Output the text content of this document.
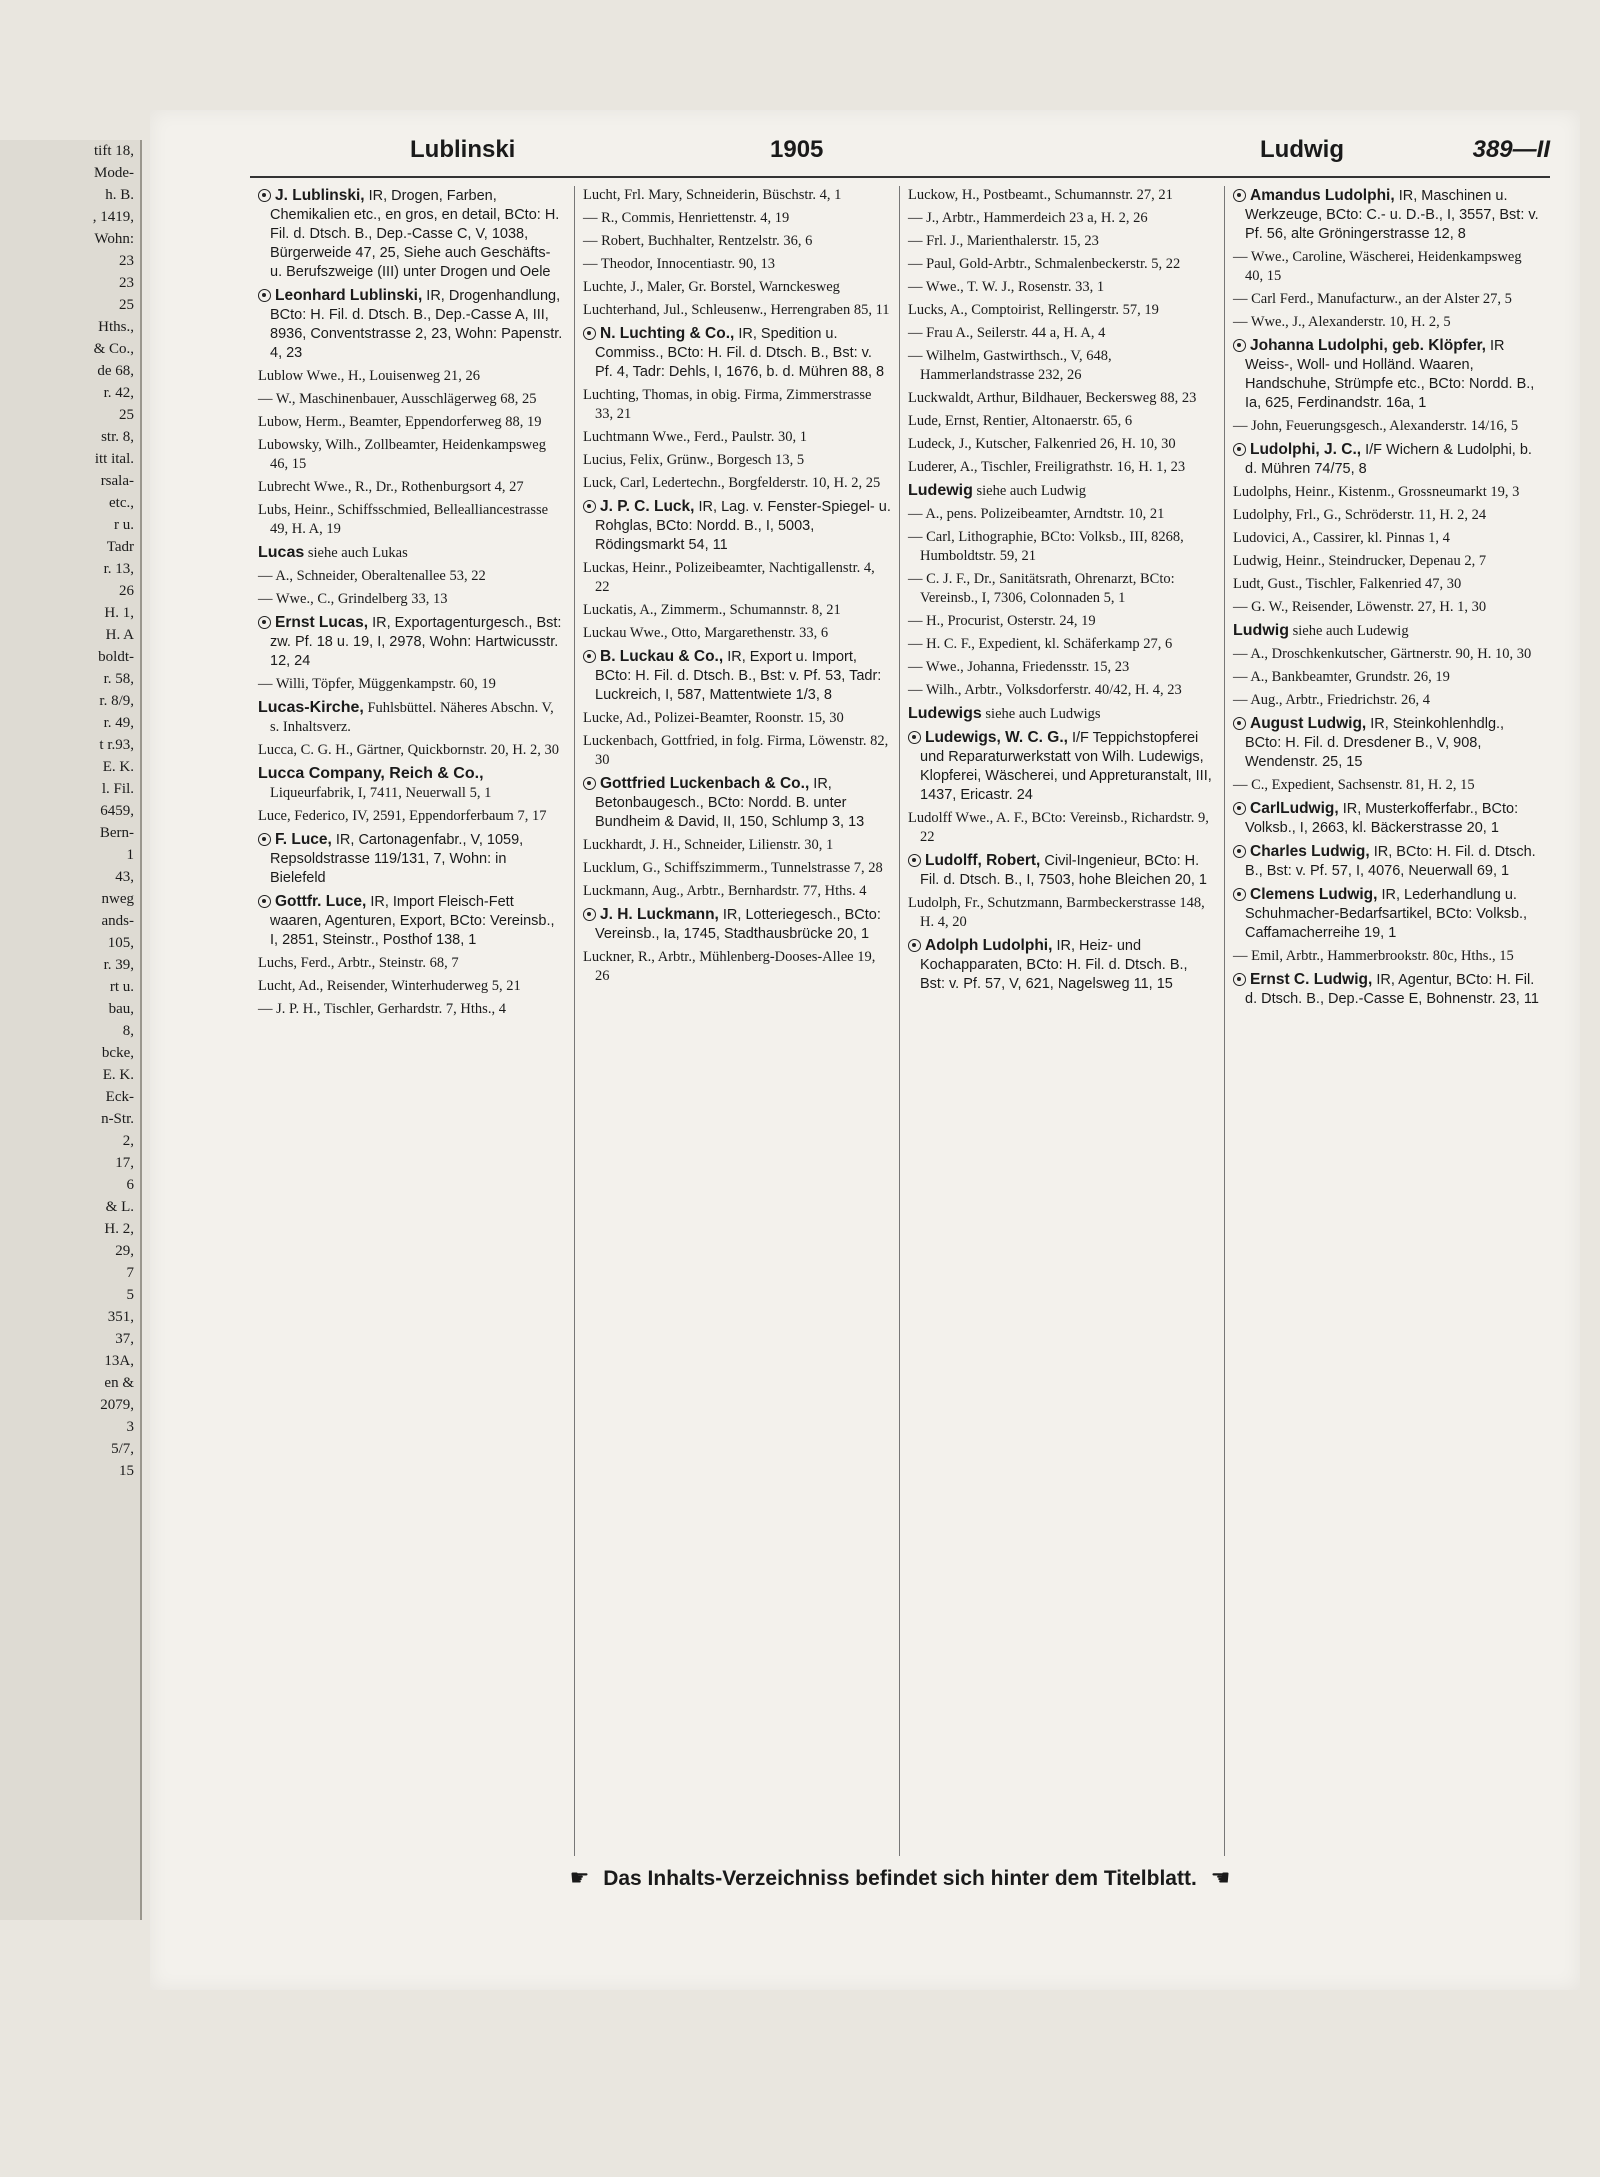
tift 18,
Mode-
h. B.
, 1419,
Wohn:
23
23
25
Hths.,
& Co.,
de 68,
r. 42,
25
str. 8,
itt ital.
rsala-
etc.,
r u.
Tadr
r. 13,
26
H. 1,
H. A
boldt-
r. 58,
r. 8/9,
r. 49,
t r.93,
E. K.
l. Fil.
6459,
Bern-
1
43,
nweg
ands-
105,
r. 39,
rt u.
bau,
8,
bcke,
E. K.
Eck-
n-Str.
2,
17,
6
& L.
H. 2,
29,
7
5
351,
37,
13A,
en &
2079,
3
5/7,
15
Lublinski	1905	Ludwig	389—II
J. Lublinski, IR, Drogen, Farben, Chemikalien etc., en gros, en detail, BCto: H. Fil. d. Dtsch. B., Dep.-Casse C, V, 1038, Bürgerweide 47, 25, Siehe auch Geschäfts- u. Berufszweige (III) unter Drogen und Oele
Leonhard Lublinski, IR, Drogenhandlung, BCto: H. Fil. d. Dtsch. B., Dep.-Casse A, III, 8936, Conventstrasse 2, 23, Wohn: Papenstr. 4, 23
Lublow Wwe., H., Louisenweg 21, 26
— W., Maschinenbauer, Ausschlägerweg 68, 25
Lubow, Herm., Beamter, Eppendorferweg 88, 19
Lubowsky, Wilh., Zollbeamter, Heidenkampsweg 46, 15
Lubrecht Wwe., R., Dr., Rothenburgsort 4, 27
Lubs, Heinr., Schiffsschmied, Bellealliancestrasse 49, H. A, 19
Lucas siehe auch Lukas
— A., Schneider, Oberaltenallee 53, 22
— Wwe., C., Grindelberg 33, 13
Ernst Lucas, IR, Exportagenturgesch., Bst: zw. Pf. 18 u. 19, I, 2978, Wohn: Hartwicusstr. 12, 24
— Willi, Töpfer, Müggenkampstr. 60, 19
Lucas-Kirche, Fuhlsbüttel. Näheres Abschn. V, s. Inhaltsverz.
Lucca, C. G. H., Gärtner, Quickbornstr. 20, H. 2, 30
Lucca Company, Reich & Co., Liqueurfabrik, I, 7411, Neuerwall 5, 1
Luce, Federico, IV, 2591, Eppendorferbaum 7, 17
F. Luce, IR, Cartonagenfabr., V, 1059, Repsoldstrasse 119/131, 7, Wohn: in Bielefeld
Gottfr. Luce, IR, Import Fleisch-Fett waaren, Agenturen, Export, BCto: Vereinsb., I, 2851, Steinstr., Posthof 138, 1
Luchs, Ferd., Arbtr., Steinstr. 68, 7
Lucht, Ad., Reisender, Winterhuderweg 5, 21
— J. P. H., Tischler, Gerhardstr. 7, Hths., 4
Lucht, Frl. Mary, Schneiderin, Büschstr. 4, 1
— R., Commis, Henriettenstr. 4, 19
— Robert, Buchhalter, Rentzelstr. 36, 6
— Theodor, Innocentiastr. 90, 13
Luchte, J., Maler, Gr. Borstel, Warnckesweg
Luchterhand, Jul., Schleusenw., Herrengraben 85, 11
N. Luchting & Co., IR, Spedition u. Commiss., BCto: H. Fil. d. Dtsch. B., Bst: v. Pf. 4, Tadr: Dehls, I, 1676, b. d. Mühren 88, 8
Luchting, Thomas, in obig. Firma, Zimmerstrasse 33, 21
Luchtmann Wwe., Ferd., Paulstr. 30, 1
Lucius, Felix, Grünw., Borgesch 13, 5
Luck, Carl, Ledertechn., Borgfelderstr. 10, H. 2, 25
J. P. C. Luck, IR, Lag. v. Fenster-Spiegel- u. Rohglas, BCto: Nordd. B., I, 5003, Rödingsmarkt 54, 11
Luckas, Heinr., Polizeibeamter, Nachtigallenstr. 4, 22
Luckatis, A., Zimmerm., Schumannstr. 8, 21
Luckau Wwe., Otto, Margarethenstr. 33, 6
B. Luckau & Co., IR, Export u. Import, BCto: H. Fil. d. Dtsch. B., Bst: v. Pf. 53, Tadr: Luckreich, I, 587, Mattentwiete 1/3, 8
Lucke, Ad., Polizei-Beamter, Roonstr. 15, 30
Luckenbach, Gottfried, in folg. Firma, Löwenstr. 82, 30
Gottfried Luckenbach & Co., IR, Betonbaugesch., BCto: Nordd. B. unter Bundheim & David, II, 150, Schlump 3, 13
Luckhardt, J. H., Schneider, Lilienstr. 30, 1
Lucklum, G., Schiffszimmerm., Tunnelstrasse 7, 28
Luckmann, Aug., Arbtr., Bernhardstr. 77, Hths. 4
J. H. Luckmann, IR, Lotteriegesch., BCto: Vereinsb., Ia, 1745, Stadthausbrücke 20, 1
Luckner, R., Arbtr., Mühlenberg-Dooses-Allee 19, 26
Luckow, H., Postbeamt., Schumannstr. 27, 21
— J., Arbtr., Hammerdeich 23 a, H. 2, 26
— Frl. J., Marienthalerstr. 15, 23
— Paul, Gold-Arbtr., Schmalenbeckerstr. 5, 22
— Wwe., T. W. J., Rosenstr. 33, 1
Lucks, A., Comptoirist, Rellingerstr. 57, 19
— Frau A., Seilerstr. 44 a, H. A, 4
— Wilhelm, Gastwirthsch., V, 648, Hammerlandstrasse 232, 26
Luckwaldt, Arthur, Bildhauer, Beckersweg 88, 23
Lude, Ernst, Rentier, Altonaerstr. 65, 6
Ludeck, J., Kutscher, Falkenried 26, H. 10, 30
Luderer, A., Tischler, Freiligrathstr. 16, H. 1, 23
Ludewig siehe auch Ludwig
— A., pens. Polizeibeamter, Arndtstr. 10, 21
— Carl, Lithographie, BCto: Volksb., III, 8268, Humboldtstr. 59, 21
— C. J. F., Dr., Sanitätsrath, Ohrenarzt, BCto: Vereinsb., I, 7306, Colonnaden 5, 1
— H., Procurist, Osterstr. 24, 19
— H. C. F., Expedient, kl. Schäferkamp 27, 6
— Wwe., Johanna, Friedensstr. 15, 23
— Wilh., Arbtr., Volksdorferstr. 40/42, H. 4, 23
Ludewigs siehe auch Ludwigs
Ludewigs, W. C. G., I/F Teppichstopferei und Reparaturwerkstatt von Wilh. Ludewigs, Klopferei, Wäscherei, und Appreturanstalt, III, 1437, Ericastr. 24
Ludolff Wwe., A. F., BCto: Vereinsb., Richardstr. 9, 22
Ludolff, Robert, Civil-Ingenieur, BCto: H. Fil. d. Dtsch. B., I, 7503, hohe Bleichen 20, 1
Ludolph, Fr., Schutzmann, Barmbeckerstrasse 148, H. 4, 20
Adolph Ludolphi, IR, Heiz- und Kochapparaten, BCto: H. Fil. d. Dtsch. B., Bst: v. Pf. 57, V, 621, Nagelsweg 11, 15
Amandus Ludolphi, IR, Maschinen u. Werkzeuge, BCto: C.- u. D.-B., I, 3557, Bst: v. Pf. 56, alte Gröningerstrasse 12, 8
— Wwe., Caroline, Wäscherei, Heidenkampsweg 40, 15
— Carl Ferd., Manufacturw., an der Alster 27, 5
— Wwe., J., Alexanderstr. 10, H. 2, 5
Johanna Ludolphi, geb. Klöpfer, IR Weiss-, Woll- und Holländ. Waaren, Handschuhe, Strümpfe etc., BCto: Nordd. B., Ia, 625, Ferdinandstr. 16a, 1
— John, Feuerungsgesch., Alexanderstr. 14/16, 5
Ludolphi, J. C., I/F Wichern & Ludolphi, b. d. Mühren 74/75, 8
Ludolphs, Heinr., Kistenm., Grossneumarkt 19, 3
Ludolphy, Frl., G., Schröderstr. 11, H. 2, 24
Ludovici, A., Cassirer, kl. Pinnas 1, 4
Ludwig, Heinr., Steindrucker, Depenau 2, 7
Ludt, Gust., Tischler, Falkenried 47, 30
— G. W., Reisender, Löwenstr. 27, H. 1, 30
Ludwig siehe auch Ludewig
— A., Droschkenkutscher, Gärtnerstr. 90, H. 10, 30
— A., Bankbeamter, Grundstr. 26, 19
— Aug., Arbtr., Friedrichstr. 26, 4
August Ludwig, IR, Steinkohlenhdlg., BCto: H. Fil. d. Dresdener B., V, 908, Wendenstr. 25, 15
— C., Expedient, Sachsenstr. 81, H. 2, 15
CarlLudwig, IR, Musterkofferfabr., BCto: Volksb., I, 2663, kl. Bäckerstrasse 20, 1
Charles Ludwig, IR, BCto: H. Fil. d. Dtsch. B., Bst: v. Pf. 57, I, 4076, Neuerwall 69, 1
Clemens Ludwig, IR, Lederhandlung u. Schuhmacher-Bedarfsartikel, BCto: Volksb., Caffamacherreihe 19, 1
— Emil, Arbtr., Hammerbrookstr. 80c, Hths., 15
Ernst C. Ludwig, IR, Agentur, BCto: H. Fil. d. Dtsch. B., Dep.-Casse E, Bohnenstr. 23, 11
☛ Das Inhalts-Verzeichniss befindet sich hinter dem Titelblatt. ☚
